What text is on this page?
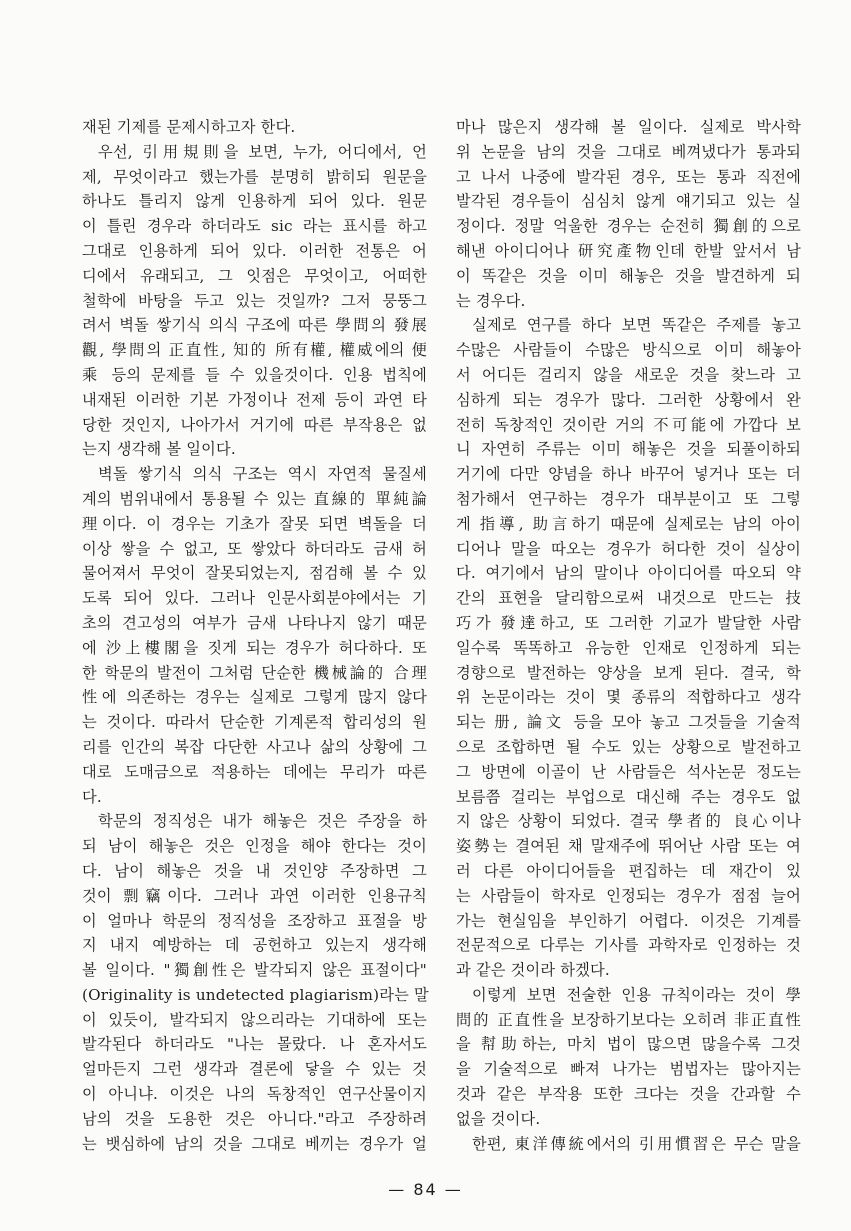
재된 기제를 문제시하고자 한다.
우선, 引用規則을 보면, 누가, 어디에서, 언
제, 무엇이라고 했는가를 분명히 밝히되 원문을
하나도 틀리지 않게 인용하게 되어 있다. 원문
이 틀린 경우라 하더라도 sic 라는 표시를 하고
그대로 인용하게 되어 있다. 이러한 전통은 어
디에서 유래되고, 그 잇점은 무엇이고, 어떠한
철학에 바탕을 두고 있는 것일까? 그저 뭉뚱그
려서 벽돌 쌓기식 의식 구조에 따른 學問의 發展
觀, 學問의 正直性, 知的 所有權, 權威에의 便
乘 등의 문제를 들 수 있을것이다. 인용 법칙에
내재된 이러한 기본 가정이나 전제 등이 과연 타
당한 것인지, 나아가서 거기에 따른 부작용은 없
는지 생각해 볼 일이다.
벽돌 쌓기식 의식 구조는 역시 자연적 물질세
계의 범위내에서 통용될 수 있는 直線的 單純論
理이다. 이 경우는 기초가 잘못 되면 벽돌을 더
이상 쌓을 수 없고, 또 쌓았다 하더라도 금새 허
물어져서 무엇이 잘못되었는지, 점검해 볼 수 있
도록 되어 있다. 그러나 인문사회분야에서는 기
초의 견고성의 여부가 금새 나타나지 않기 때문
에 沙上樓閣을 짓게 되는 경우가 허다하다. 또
한 학문의 발전이 그처럼 단순한 機械論的 合理
性에 의존하는 경우는 실제로 그렇게 많지 않다
는 것이다. 따라서 단순한 기계론적 합리성의 원
리를 인간의 복잡 다단한 사고나 삶의 상황에 그
대로 도매금으로 적용하는 데에는 무리가 따른
다.
학문의 정직성은 내가 해놓은 것은 주장을 하
되 남이 해놓은 것은 인정을 해야 한다는 것이
다. 남이 해놓은 것을 내 것인양 주장하면 그
것이 剽竊이다. 그러나 과연 이러한 인용규칙
이 얼마나 학문의 정직성을 조장하고 표절을 방
지 내지 예방하는 데 공헌하고 있는지 생각해
볼 일이다. "獨創性은 발각되지 않은 표절이다"
(Originality is undetected plagiarism)라는 말
이 있듯이, 발각되지 않으리라는 기대하에 또는
발각된다 하더라도 "나는 몰랐다. 나 혼자서도
얼마든지 그런 생각과 결론에 닿을 수 있는 것
이 아니냐. 이것은 나의 독창적인 연구산물이지
남의 것을 도용한 것은 아니다."라고 주장하려
는 뱃심하에 남의 것을 그대로 베끼는 경우가 얼
마나 많은지 생각해 볼 일이다. 실제로 박사학
위 논문을 남의 것을 그대로 베껴냈다가 통과되
고 나서 나중에 발각된 경우, 또는 통과 직전에
발각된 경우들이 심심치 않게 얘기되고 있는 실
정이다. 정말 억울한 경우는 순전히 獨創的으로
해낸 아이디어나 研究產物인데 한발 앞서서 남
이 똑같은 것을 이미 해놓은 것을 발견하게 되
는 경우다.
실제로 연구를 하다 보면 똑같은 주제를 놓고
수많은 사람들이 수많은 방식으로 이미 해놓아
서 어디든 걸리지 않을 새로운 것을 찾느라 고
심하게 되는 경우가 많다. 그러한 상황에서 완
전히 독창적인 것이란 거의 不可能에 가깝다 보
니 자연히 주류는 이미 해놓은 것을 되풀이하되
거기에 다만 양념을 하나 바꾸어 넣거나 또는 더
첨가해서 연구하는 경우가 대부분이고 또 그렇
게 指導, 助言하기 때문에 실제로는 남의 아이
디어나 말을 따오는 경우가 허다한 것이 실상이
다. 여기에서 남의 말이나 아이디어를 따오되 약
간의 표현을 달리함으로써 내것으로 만드는 技
巧가 發達하고, 또 그러한 기교가 발달한 사람
일수록 똑똑하고 유능한 인재로 인정하게 되는
경향으로 발전하는 양상을 보게 된다. 결국, 학
위 논문이라는 것이 몇 종류의 적합하다고 생각
되는 册, 論文 등을 모아 놓고 그것들을 기술적
으로 조합하면 될 수도 있는 상황으로 발전하고
그 방면에 이골이 난 사람들은 석사논문 정도는
보름쯤 걸리는 부업으로 대신해 주는 경우도 없
지 않은 상황이 되었다. 결국 學者的 良心이나
姿勢는 결여된 채 말재주에 뛰어난 사람 또는 여
러 다른 아이디어들을 편집하는 데 재간이 있
는 사람들이 학자로 인정되는 경우가 점점 늘어
가는 현실임을 부인하기 어렵다. 이것은 기계를
전문적으로 다루는 기사를 과학자로 인정하는 것
과 같은 것이라 하겠다.
이렇게 보면 전술한 인용 규칙이라는 것이 學
問的 正直性을 보장하기보다는 오히려 非正直性
을 幇助하는, 마치 법이 많으면 많을수록 그것
을 기술적으로 빠져 나가는 범법자는 많아지는
것과 같은 부작용 또한 크다는 것을 간과할 수
없을 것이다.
한편, 東洋傳統에서의 引用慣習은 무슨 말을
— 84 —
